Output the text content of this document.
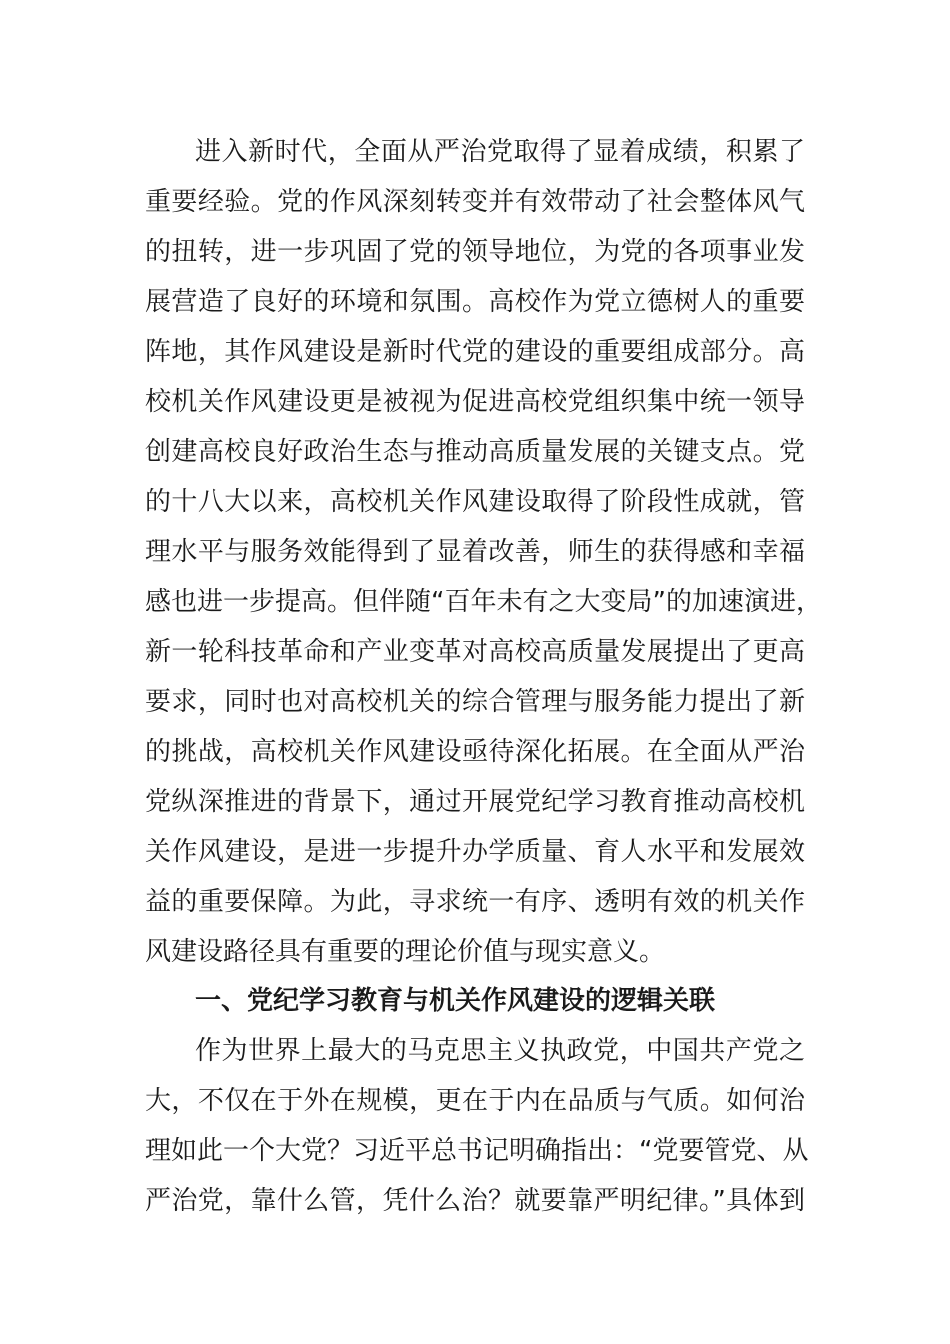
进入新时代，全面从严治党取得了显着成绩，积累了
重要经验。党的作风深刻转变并有效带动了社会整体风气
的扭转，进一步巩固了党的领导地位，为党的各项事业发
展营造了良好的环境和氛围。高校作为党立德树人的重要
阵地，其作风建设是新时代党的建设的重要组成部分。高
校机关作风建设更是被视为促进高校党组织集中统一领导
创建高校良好政治生态与推动高质量发展的关键支点。党
的十八大以来，高校机关作风建设取得了阶段性成就，管
理水平与服务效能得到了显着改善，师生的获得感和幸福
感也进一步提高。但伴随“百年未有之大变局”的加速演进，
新一轮科技革命和产业变革对高校高质量发展提出了更高
要求，同时也对高校机关的综合管理与服务能力提出了新
的挑战，高校机关作风建设亟待深化拓展。在全面从严治
党纵深推进的背景下，通过开展党纪学习教育推动高校机
关作风建设，是进一步提升办学质量、育人水平和发展效
益的重要保障。为此，寻求统一有序、透明有效的机关作
风建设路径具有重要的理论价值与现实意义。
一、党纪学习教育与机关作风建设的逻辑关联
作为世界上最大的马克思主义执政党，中国共产党之
大，不仅在于外在规模，更在于内在品质与气质。如何治
理如此一个大党？习近平总书记明确指出：“党要管党、从
严治党，靠什么管，凭什么治？就要靠严明纪律。”具体到
